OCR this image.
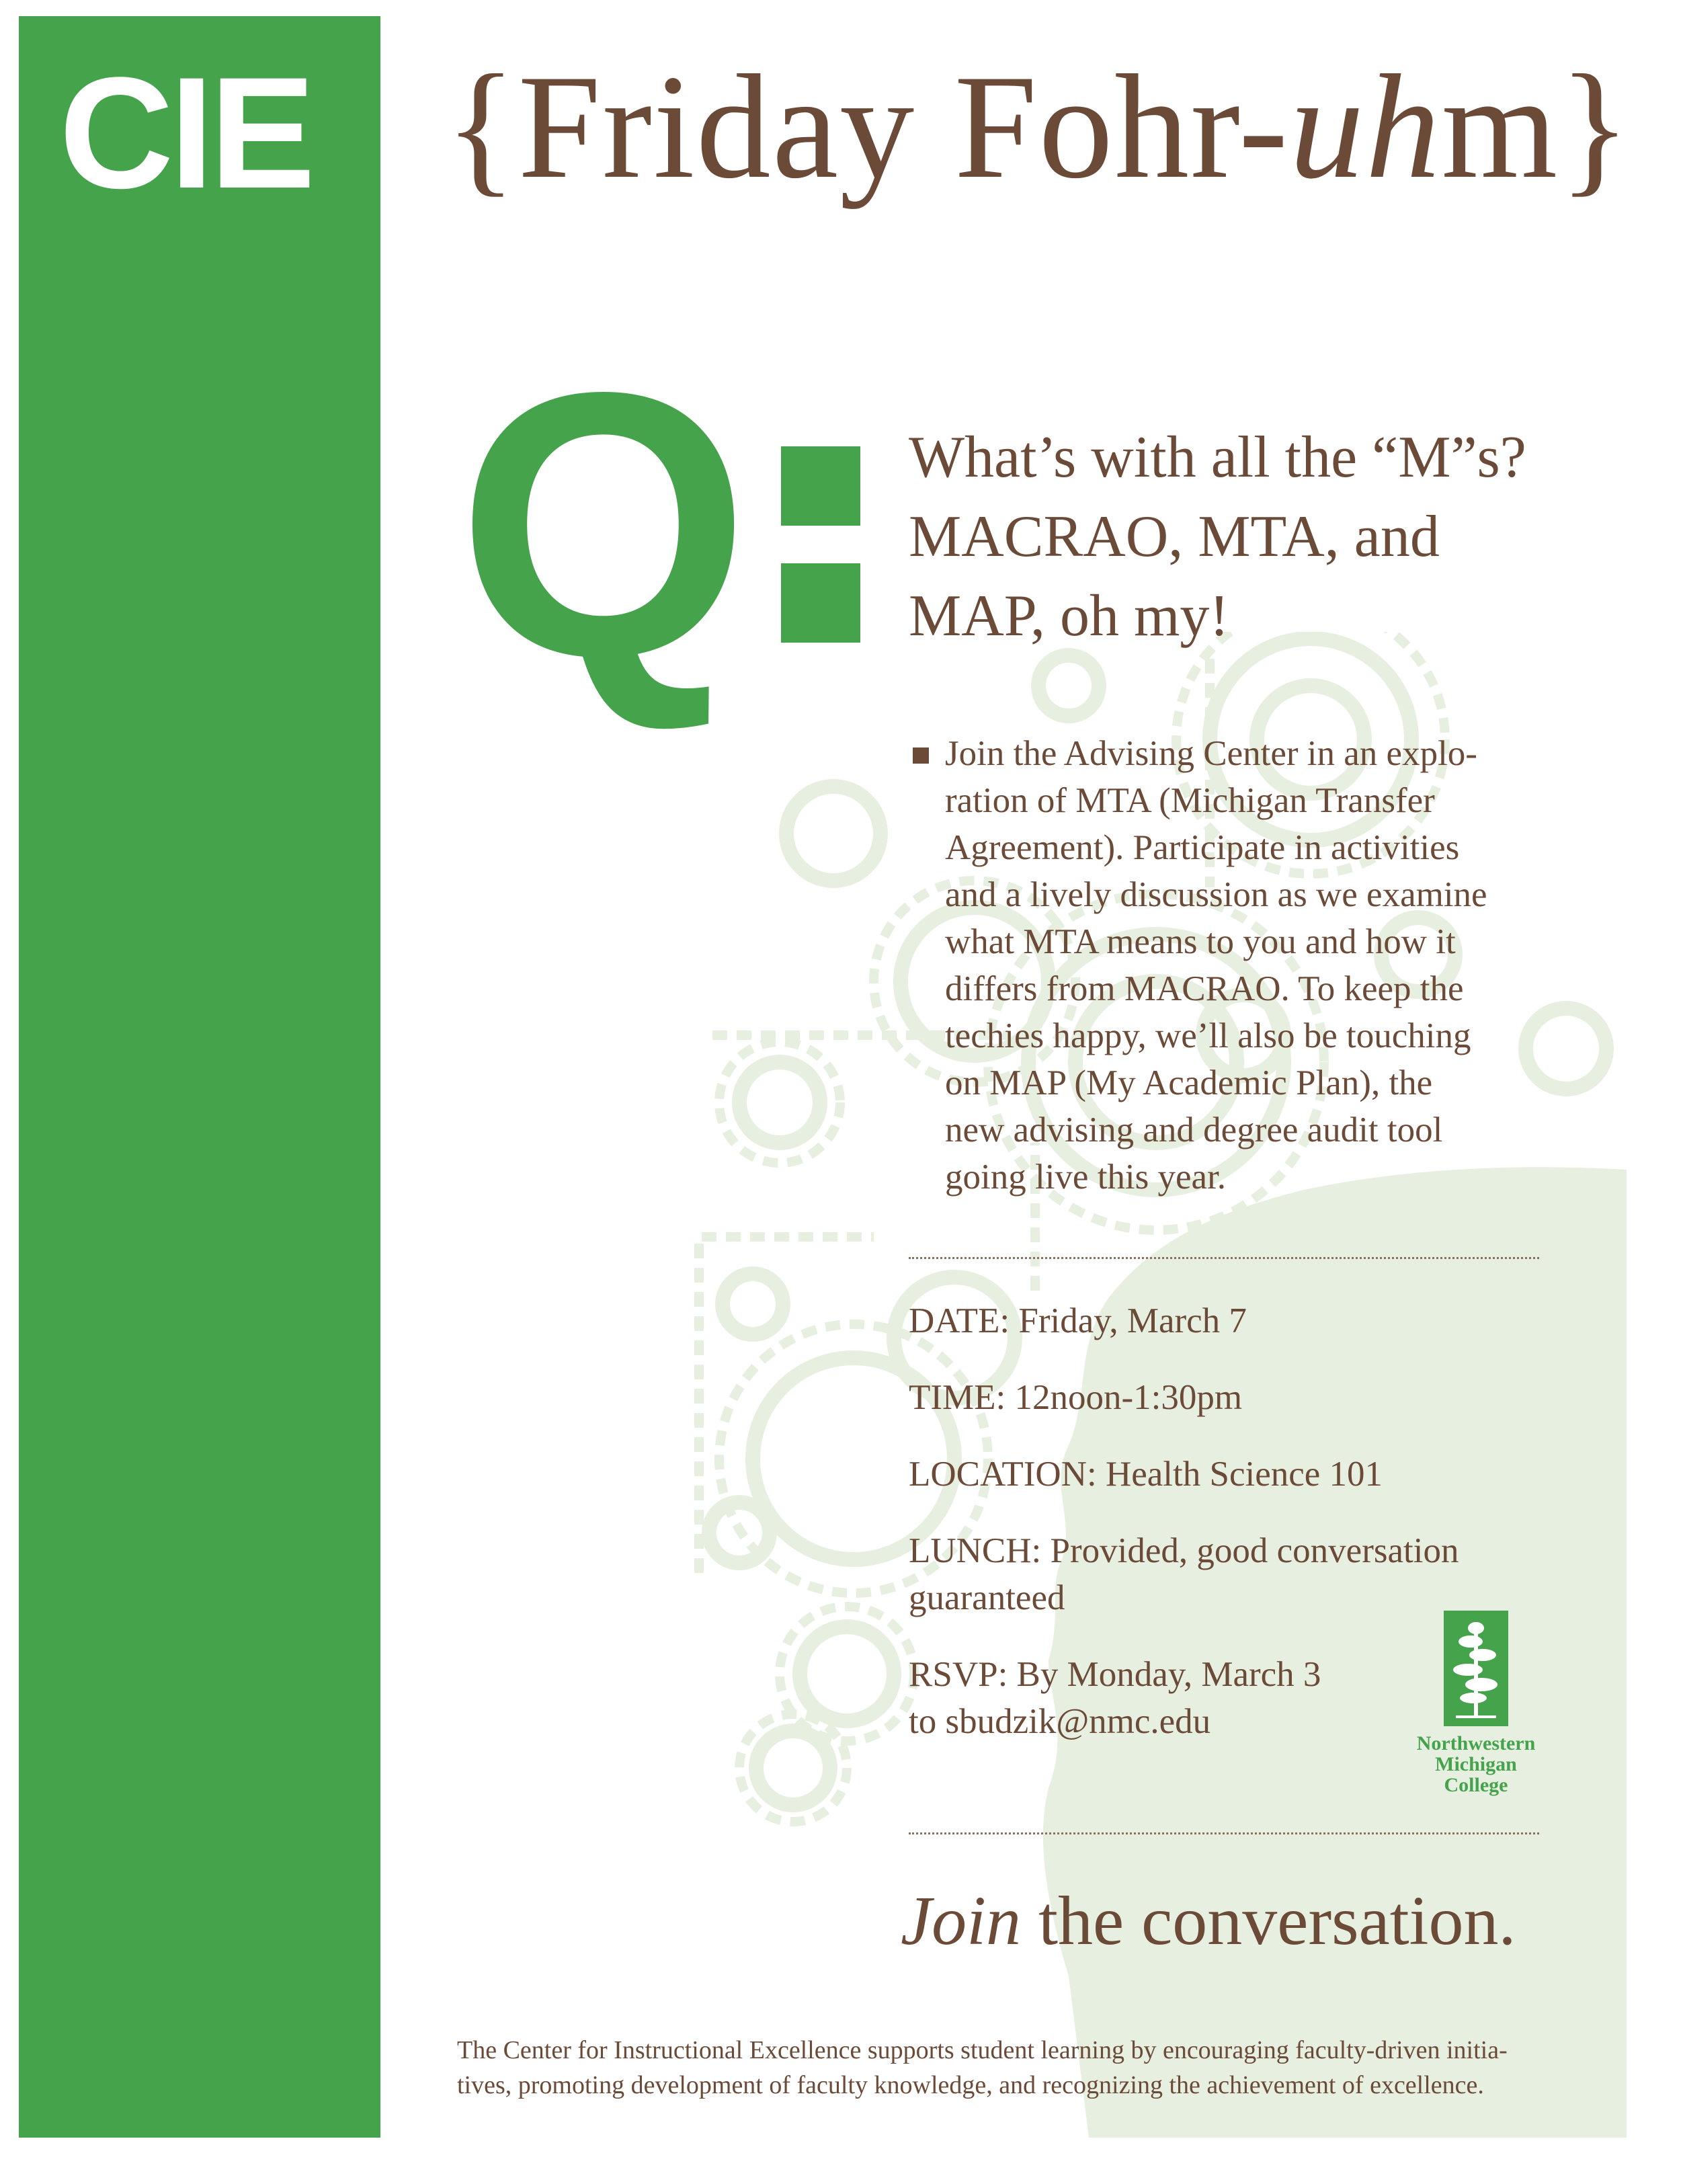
CIE {Friday Fohr-uhm}
Q	What’s with all the “M”s?
MACRAO, MTA, and
MAP, oh my!
Join the Advising Center in an explo-
ration of MTA (Michigan Transfer
Agreement). Participate in activities
and a lively discussion as we examine
what MTA means to you and how it
differs from MACRAO. To keep the
techies happy, we’ll also be touching
on MAP (My Academic Plan), the
new advising and degree audit tool
going live this year.
DATE: Friday, March 7
TIME: 12noon-1:30pm
LOCATION: Health Science 101
LUNCH: Provided, good conversation
guaranteed
RSVP: By Monday, March 3
to sbudzik@nmc.edu
Northwestern
Michigan
College
Join the conversation.
The Center for Instructional Excellence supports student learning by encouraging faculty-driven initia-
tives, promoting development of faculty knowledge, and recognizing the achievement of excellence.
